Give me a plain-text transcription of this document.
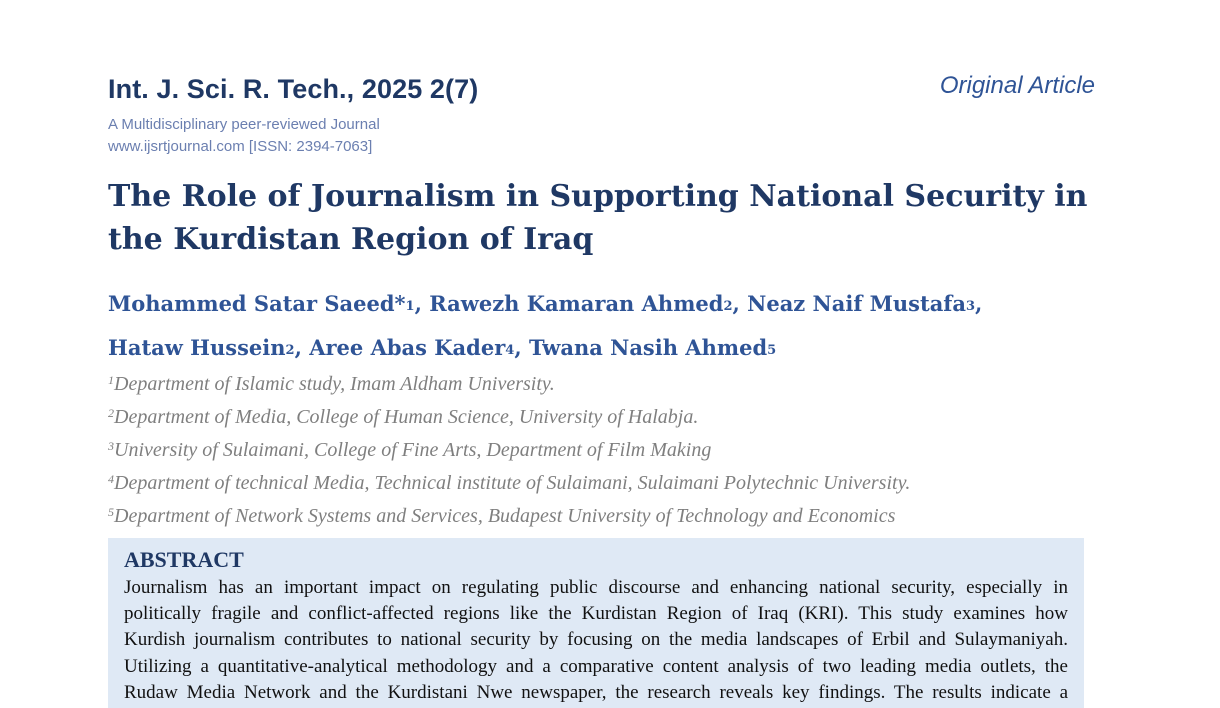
Int. J. Sci. R. Tech., 2025 2(7)	Original Article
A Multidisciplinary peer-reviewed Journal
www.ijsrtjournal.com [ISSN: 2394-7063]
The Role of Journalism in Supporting National Security in the Kurdistan Region of Iraq
Mohammed Satar Saeed*$^1$, Rawezh Kamaran Ahmed$^2$, Neaz Naif Mustafa$^3$,
Hataw Hussein$^2$, Aree Abas Kader$^4$, Twana Nasih Ahmed$^5$
$^1$Department of Islamic study, Imam Aldham University.
$^2$Department of Media, College of Human Science, University of Halabja.
$^3$University of Sulaimani, College of Fine Arts, Department of Film Making
$^4$Department of technical Media, Technical institute of Sulaimani, Sulaimani Polytechnic University.
$^5$Department of Network Systems and Services, Budapest University of Technology and Economics
ABSTRACT
Journalism has an important impact on regulating public discourse and enhancing national security, especially in
politically fragile and conflict-affected regions like the Kurdistan Region of Iraq (KRI). This study examines how
Kurdish journalism contributes to national security by focusing on the media landscapes of Erbil and Sulaymaniyah.
Utilizing a quantitative-analytical methodology and a comparative content analysis of two leading media outlets, the
Rudaw Media Network and the Kurdistani Nwe newspaper, the research reveals key findings. The results indicate a
